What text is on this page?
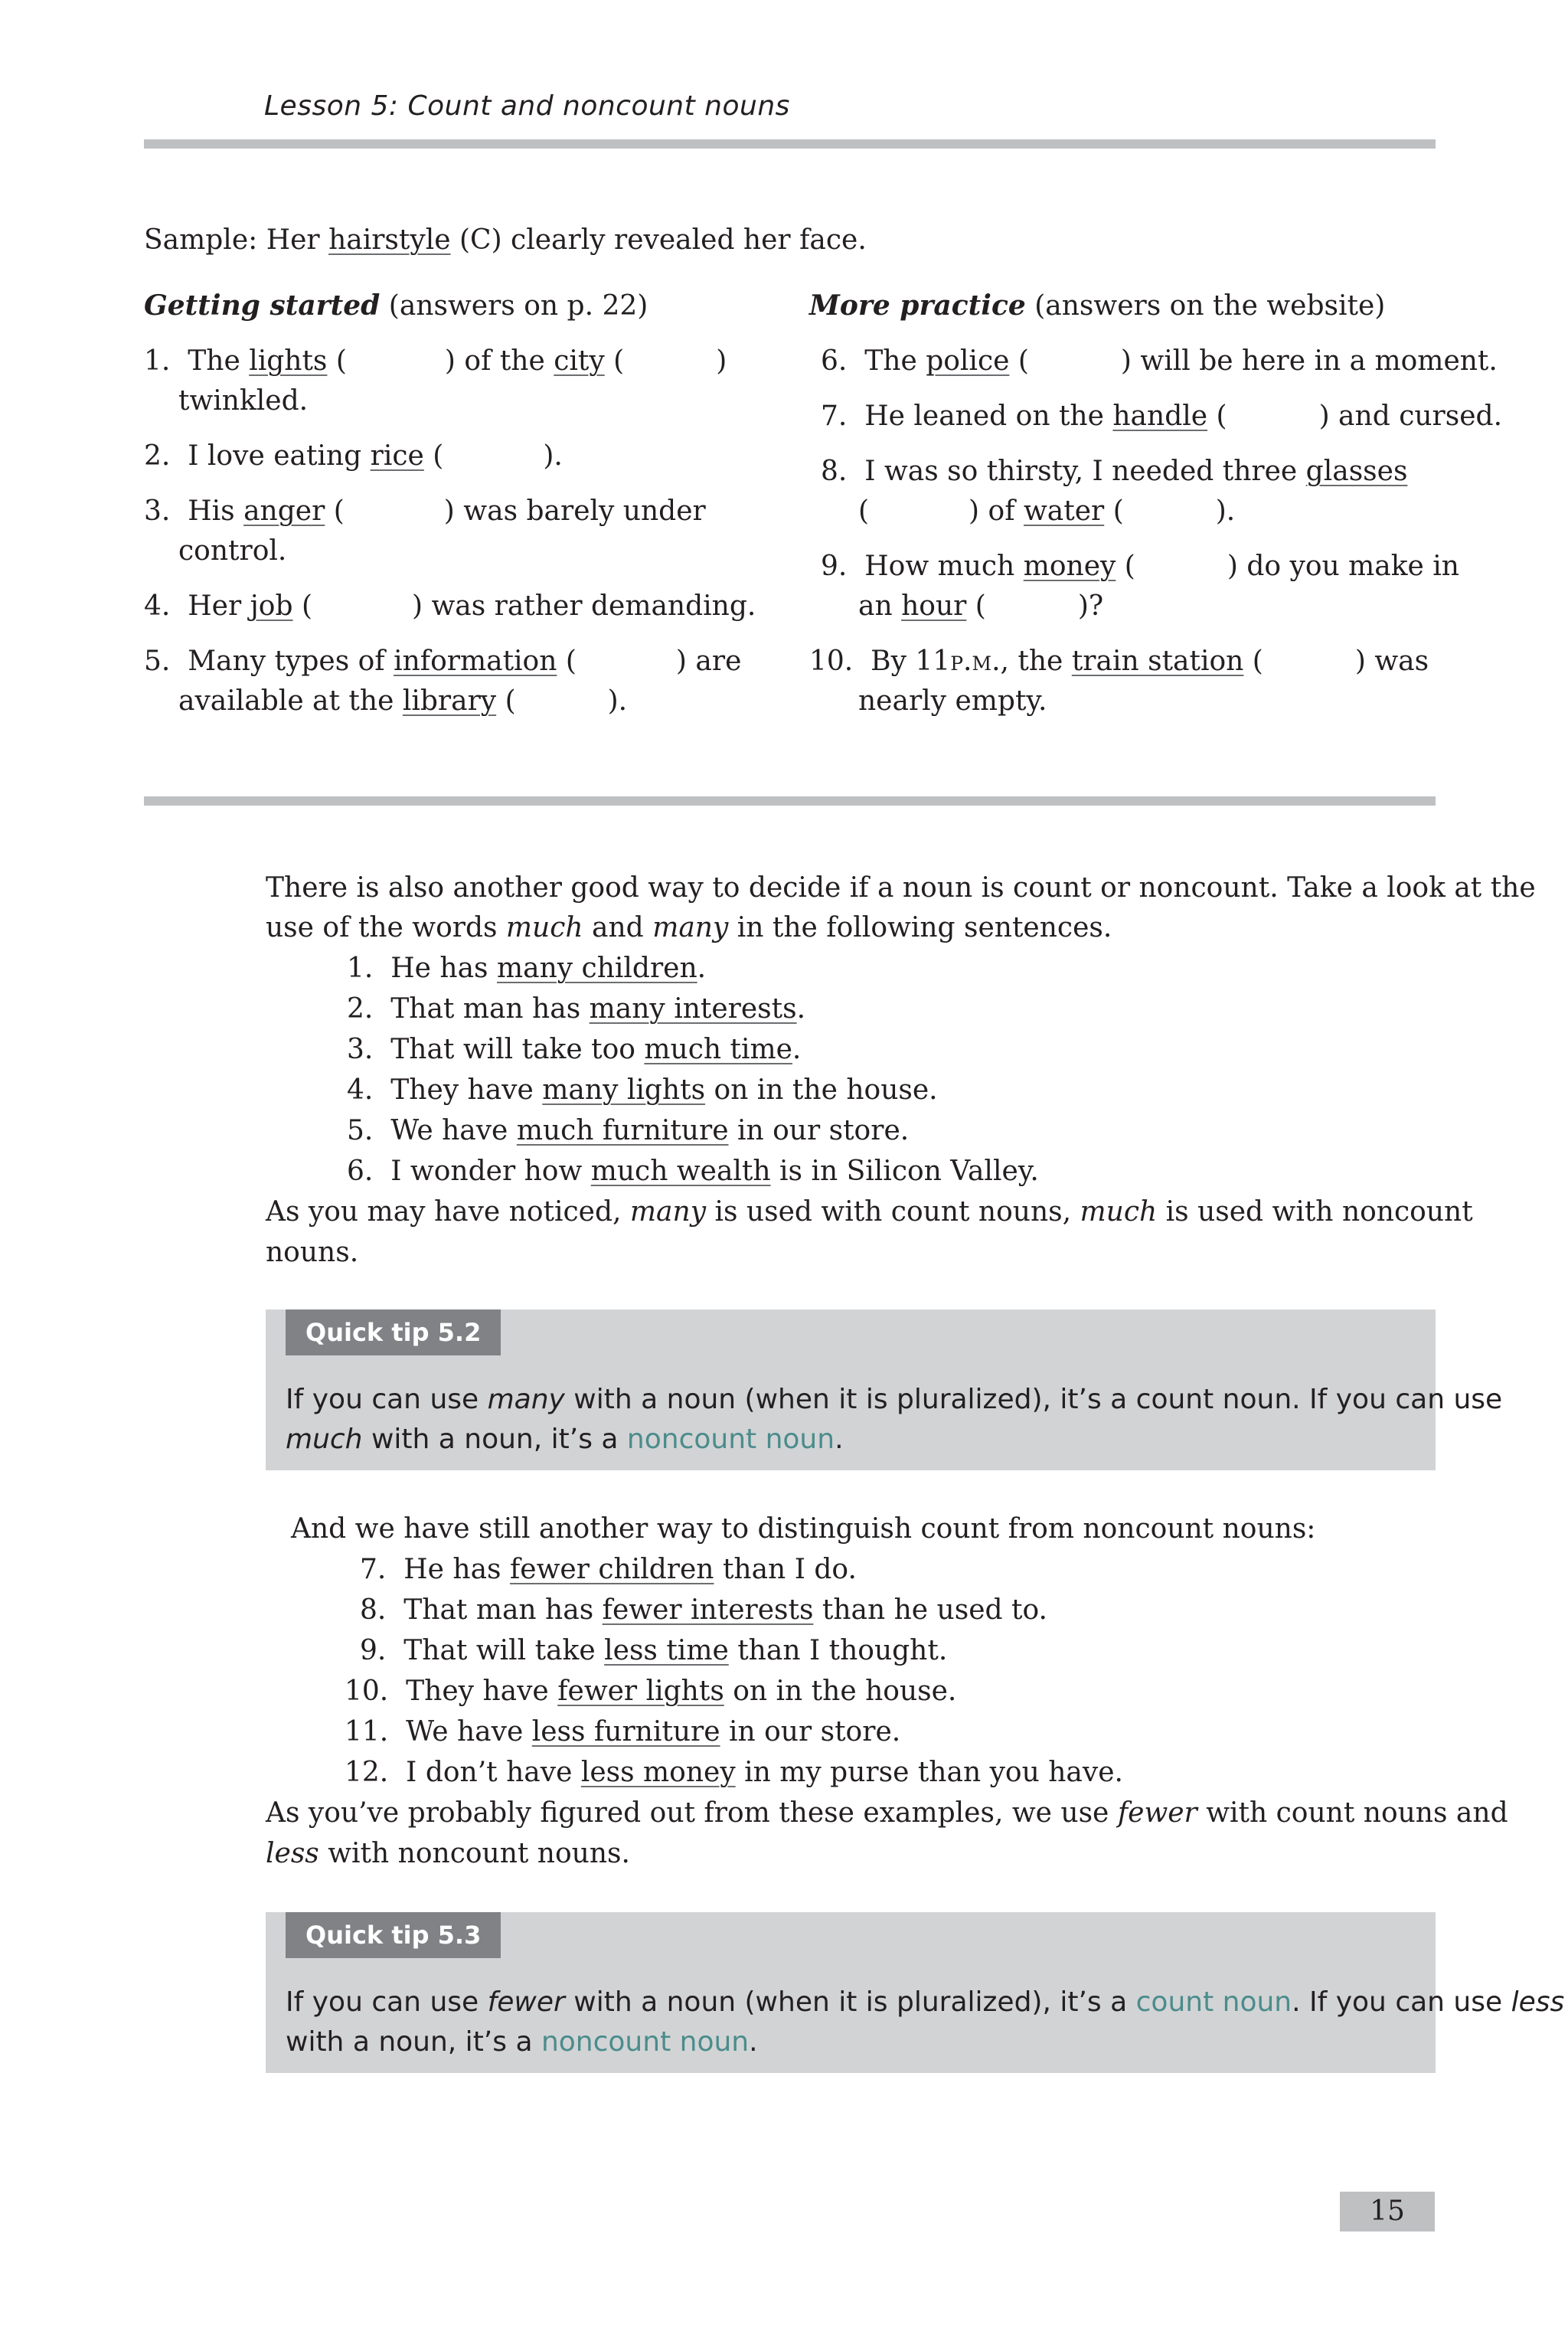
Lesson 5: Count and noncount nouns
Sample: Her hairstyle (C) clearly revealed her face.
Getting started (answers on p. 22)
1. The lights (	) of the city (	)
twinkled.
2. I love eating rice (	).
3. His anger (	) was barely under
control.
4. Her job (	) was rather demanding.
5. Many types of information (	) are
available at the library (	).
More practice (answers on the website)
6. The police (	) will be here in a moment.
7. He leaned on the handle (	) and cursed.
8. I was so thirsty, I needed three glasses
(	) of water (	).
9. How much money (	) do you make in
an hour (	)?
10. By 11p.m., the train station (	) was
nearly empty.
There is also another good way to decide if a noun is count or noncount. Take a look at the
use of the words much and many in the following sentences.
1. He has many children.
2. That man has many interests.
3. That will take too much time.
4. They have many lights on in the house.
5. We have much furniture in our store.
6. I wonder how much wealth is in Silicon Valley.
As you may have noticed, many is used with count nouns, much is used with noncount
nouns.
Quick tip 5.2
If you can use many with a noun (when it is pluralized), it’s a count noun. If you can use
much with a noun, it’s a noncount noun.
And we have still another way to distinguish count from noncount nouns:
7. He has fewer children than I do.
8. That man has fewer interests than he used to.
9. That will take less time than I thought.
10. They have fewer lights on in the house.
11. We have less furniture in our store.
12. I don’t have less money in my purse than you have.
As you’ve probably figured out from these examples, we use fewer with count nouns and
less with noncount nouns.
Quick tip 5.3
If you can use fewer with a noun (when it is pluralized), it’s a count noun. If you can use less
with a noun, it’s a noncount noun.
15
